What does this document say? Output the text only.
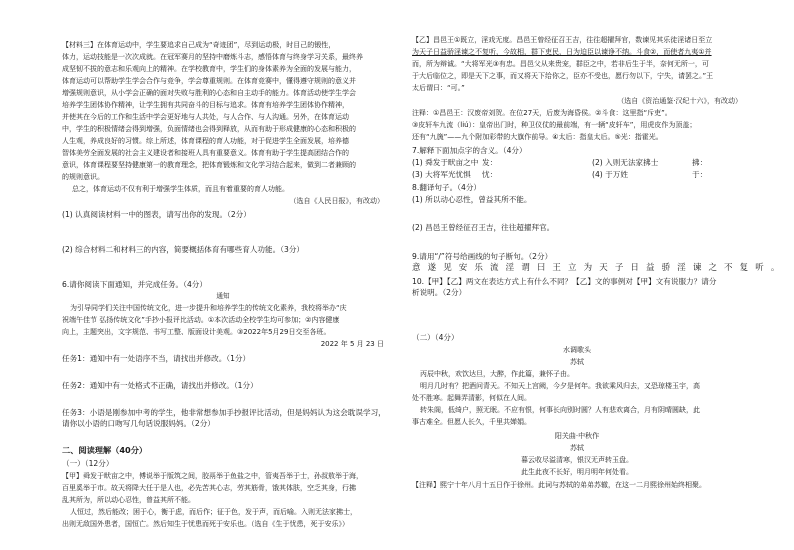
【材料三】在体育运动中，学生要追求自己成为“奇迹团”，尽到运动极，时目己的锻性，
体力，运动技能是一次次成就。在冠军赛月的坚持中磨炼斗志，感悟体育与终身学习关系，最终养
成坚韧不拔的意志和乐观向上的精神。在学校教育中，学生们的身体素养为全面的发展与能力，
体育运动可以帮助学生学会合作与竞争，学会尊重规则。在体育竞赛中，懂得遵守规则的意义并
增强规则意识，从小学会正确的面对失败与胜利的心态和自主动手的能力。体育活动使学生学会
培养学生团体协作精神，让学生拥有共同奋斗的目标与追求。体育有培养学生团体协作精神，
并使其在今后的工作和生活中学会更好地与人共处，与人合作、与人沟通。另外，在体育运动
中，学生的积极情绪会得到增强，负面情绪也会得到释放，从而有助于形成健康的心态和积极的
人生观，养成良好的习惯。综上所述，体育课程的育人功能，对于促进学生全面发展，培养德
智体美劳全面发展的社会主义建设者和接班人具有重要意义。体育有助于学生提高团结合作的
意识，体育课程要坚持健康第一的教育理念，把体育锻炼和文化学习结合起来，做到二者兼顾的
的规则意识。
总之，体育运动不仅有利于增强学生体质，而且有着重要的育人功能。
（选自《人民日报》，有改动）
(1) 认真阅读材料一中的图表，请写出你的发现。（2分）
(2) 综合材料二和材料三的内容，简要概括体育有哪些育人功能。（3分）
6.请你阅读下面通知，并完成任务。（4分）
通知
为引导同学们关注中国传统文化，进一步提升和培养学生的传统文化素养，我校将举办“庆
祝端午佳节 弘扬传统文化”手抄小报评比活动。①本次活动全校学生均可参加；②内容健康
向上，主题突出，文字规范、书写工整、版面设计美观。③2022年5月29日交至各班。
2022 年 5 月 23 日
任务1：通知中有一处语序不当，请找出并修改。（1分）
任务2：通知中有一处格式不正确，请找出并修改。（1分）
任务3：小语是刚参加中考的学生，他非常想参加手抄报评比活动，但是妈妈认为这会耽误学习，
请你以小语的口吻写几句话说服妈妈。（2分）
二、阅读理解（40分）
（一）（12分）
【甲】舜发于畎亩之中，傅说举于版筑之间，胶鬲举于鱼盐之中，管夷吾举于士，孙叔敖举于海，
百里奚举于市。故天将降大任于是人也，必先苦其心志，劳其筋骨，饿其体肤，空乏其身，行拂
乱其所为，所以动心忍性，曾益其所不能。
人恒过，然后能改；困于心，衡于虑，而后作；征于色，发于声，而后喻。入则无法家拂士，
出则无敌国外患者，国恒亡。然后知生于忧患而死于安乐也。（选自《生于忧患，死于安乐》）
【乙】昌邑王①既立，淫戏无度。昌邑王曾经征召王吉，往往超擢拜官，数谏见其乐徒淫诸日至立
为天子日益骄淫谏之不复听，今故相，群下吏民，日为迫臣以谏诤不纳。斗食②，而使者九夷①并
而，所为辩诚。“大将军光③有忠。昌邑父从来贵宠，群臣之中，若非后生于半，奈何无所一，可
于大后临位之，即是天下之事，而又将天下给你之，臣亦不受也，愿行勿以下，宁失，请罢之。”王
太后谓曰：“可。”
（选自《资治通鉴·汉纪十六》，有改动）
注释：①昌邑王：汉废帝刘贺。在位27天，后废为海昏侯。②斗食：这里指“斥吏”。
③皮轩车九流（liú）：皇帝出门时，种卫仪仗的最前端，有一辆“皮轩车”，用虎皮作为顶盖；
还有“九旒”——九个附加彩带的大旗作前导。④太后：指皇太后。⑤光：指霍光。
7.解释下面加点字的含义。（4分）
(1) 舜发于畎亩之中 发：	(2) 入则无法家拂士	拂：
(3) 大将军光忧惧 忧：	(4) 于万姓	于：
8.翻译句子。（4分）
(1) 所以动心忍性，曾益其所不能。
(2) 昌邑王曾经征召王吉，往往超擢拜官。
9.请用“/”符号给画线的句子断句。（2分）
意 遂 见 安 乐 流 淫 谓 曰 王 立 为 天 子 日 益 骄 淫 谏 之 不 复 听 。
10.【甲】【乙】两文在表达方式上有什么不同？【乙】文的事例对【甲】文有说服力？请分
析说明。（2分）
（二）（4分）
水调歌头
苏轼
丙辰中秋，欢饮达旦，大醉，作此篇，兼怀子由。
明月几时有？把酒问青天。不知天上宫阙，今夕是何年。我欲乘风归去，又恐琼楼玉宇，高
处不胜寒。起舞弄清影，何似在人间。
转朱阁，低绮户，照无眠。不应有恨，何事长向别时圆？人有悲欢离合，月有阴晴圆缺，此
事古难全。但愿人长久，千里共婵娟。
阳关曲·中秋作
苏轼
暮云收尽溢清寒，银汉无声转玉盘。
此生此夜不长好，明月明年何处看。
【注释】熙宁十年八月十五日作于徐州。此词与苏轼的弟弟苏辙，在这一二月熙徐州始终相聚。
